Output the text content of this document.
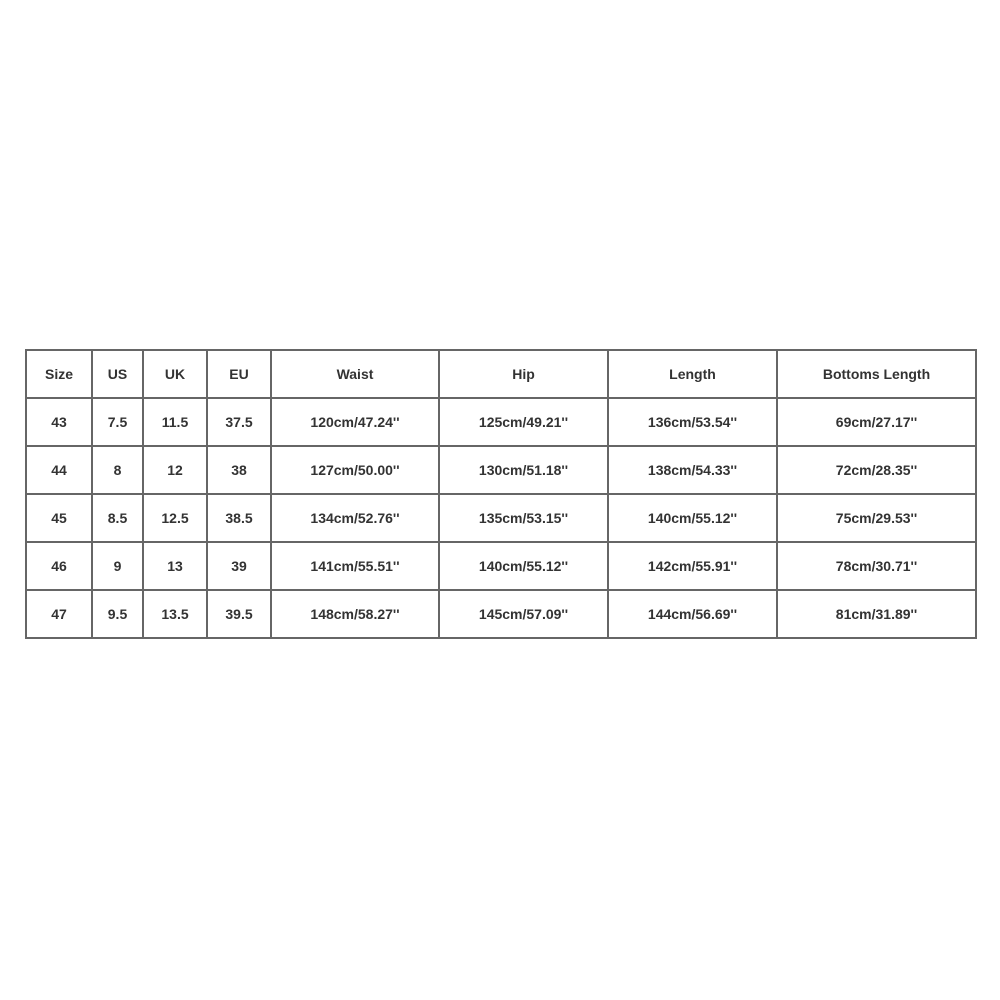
Size	US	UK	EU	Waist	Hip	Length	Bottoms Length
43	7.5	11.5	37.5	120cm/47.24''	125cm/49.21''	136cm/53.54''	69cm/27.17''
44	8	12	38	127cm/50.00''	130cm/51.18''	138cm/54.33''	72cm/28.35''
45	8.5	12.5	38.5	134cm/52.76''	135cm/53.15''	140cm/55.12''	75cm/29.53''
46	9	13	39	141cm/55.51''	140cm/55.12''	142cm/55.91''	78cm/30.71''
47	9.5	13.5	39.5	148cm/58.27''	145cm/57.09''	144cm/56.69''	81cm/31.89''
